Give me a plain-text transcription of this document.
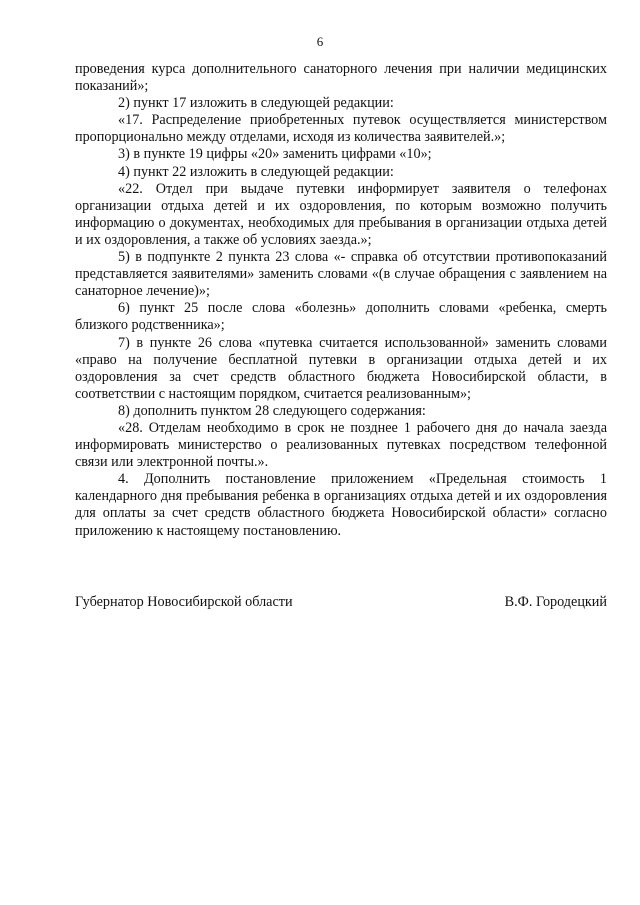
6

проведения курса дополнительного санаторного лечения при наличии медицинских показаний»;

2) пункт 17 изложить в следующей редакции:

«17. Распределение приобретенных путевок осуществляется министерством пропорционально между отделами, исходя из количества заявителей.»;

3) в пункте 19 цифры «20» заменить цифрами «10»;

4) пункт 22 изложить в следующей редакции:

«22. Отдел при выдаче путевки информирует заявителя о телефонах организации отдыха детей и их оздоровления, по которым возможно получить информацию о документах, необходимых для пребывания в организации отдыха детей и их оздоровления, а также об условиях заезда.»;

5) в подпункте 2 пункта 23 слова «- справка об отсутствии противопоказаний представляется заявителями» заменить словами «(в случае обращения с заявлением на санаторное лечение)»;

6) пункт 25 после слова «болезнь» дополнить словами «ребенка, смерть близкого родственника»;

7) в пункте 26 слова «путевка считается использованной» заменить словами «право на получение бесплатной путевки в организации отдыха детей и их оздоровления за счет средств областного бюджета Новосибирской области, в соответствии с настоящим порядком, считается реализованным»;

8) дополнить пунктом 28 следующего содержания:

«28. Отделам необходимо в срок не позднее 1 рабочего дня до начала заезда информировать министерство о реализованных путевках посредством телефонной связи или электронной почты.».

4. Дополнить постановление приложением «Предельная стоимость 1 календарного дня пребывания ребенка в организациях отдыха детей и их оздоровления для оплаты за счет средств областного бюджета Новосибирской области» согласно приложению к настоящему постановлению.

Губернатор Новосибирской области	В.Ф. Городецкий
